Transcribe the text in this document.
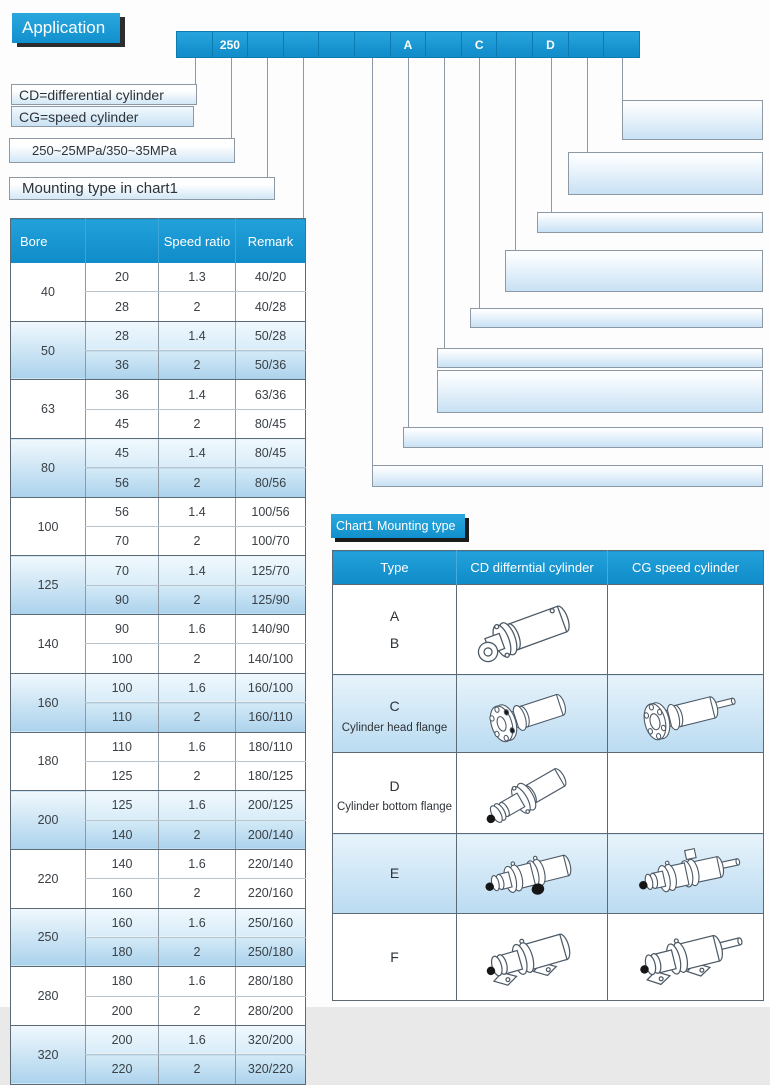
Application
250	A	C	D
CD=differential cylinder
CG=speed cylinder
250~25MPa/350~35MPa
Mounting type in chart1
Bore		Speed ratio	Remark
40	20	1.3	40/20
	28	2	40/28
50	28	1.4	50/28
	36	2	50/36
63	36	1.4	63/36
	45	2	80/45
80	45	1.4	80/45
	56	2	80/56
100	56	1.4	100/56
	70	2	100/70
125	70	1.4	125/70
	90	2	125/90
140	90	1.6	140/90
	100	2	140/100
160	100	1.6	160/100
	110	2	160/110
180	110	1.6	180/110
	125	2	180/125
200	125	1.6	200/125
	140	2	200/140
220	140	1.6	220/140
	160	2	220/160
250	160	1.6	250/160
	180	2	250/180
280	180	1.6	280/180
	200	2	280/200
320	200	1.6	320/200
	220	2	320/220
Chart1 Mounting type
Type	CD differntial cylinder	CG speed cylinder

A
B

C
Cylinder head flange

D
Cylinder bottom flange

E

F
